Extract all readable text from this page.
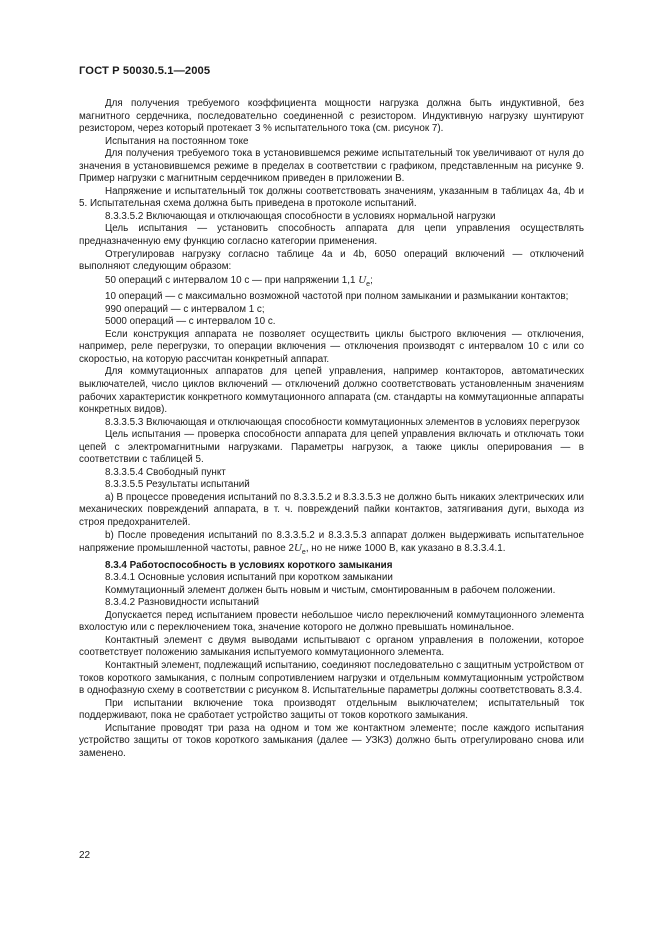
ГОСТ Р 50030.5.1—2005

Для получения требуемого коэффициента мощности нагрузка должна быть индуктивной, без магнитного сердечника, последовательно соединенной с резистором. Индуктивную нагрузку шунтируют резистором, через который протекает 3 % испытательного тока (см. рисунок 7).

Испытания на постоянном токе

Для получения требуемого тока в установившемся режиме испытательный ток увеличивают от нуля до значения в установившемся режиме в пределах в соответствии с графиком, представленным на рисунке 9. Пример нагрузки с магнитным сердечником приведен в приложении В.

Напряжение и испытательный ток должны соответствовать значениям, указанным в таблицах 4а, 4b и 5. Испытательная схема должна быть приведена в протоколе испытаний.

8.3.3.5.2 Включающая и отключающая способности в условиях нормальной нагрузки

Цель испытания — установить способность аппарата для цепи управления осуществлять предназначенную ему функцию согласно категории применения.

Отрегулировав нагрузку согласно таблице 4а и 4b, 6050 операций включений — отключений выполняют следующим образом:

50 операций с интервалом 10 с — при напряжении 1,1 $U_e$;

10 операций — с максимально возможной частотой при полном замыкании и размыкании контактов;

990 операций — с интервалом 1 с;

5000 операций — с интервалом 10 с.

Если конструкция аппарата не позволяет осуществить циклы быстрого включения — отключения, например, реле перегрузки, то операции включения — отключения производят с интервалом 10 с или со скоростью, на которую рассчитан конкретный аппарат.

Для коммутационных аппаратов для цепей управления, например контакторов, автоматических выключателей, число циклов включений — отключений должно соответствовать установленным значениям рабочих характеристик конкретного коммутационного аппарата (см. стандарты на коммутационные аппараты конкретных видов).

8.3.3.5.3 Включающая и отключающая способности коммутационных элементов в условиях перегрузок

Цель испытания — проверка способности аппарата для цепей управления включать и отключать токи цепей с электромагнитными нагрузками. Параметры нагрузок, а также циклы оперирования — в соответствии с таблицей 5.

8.3.3.5.4 Свободный пункт

8.3.3.5.5 Результаты испытаний

а) В процессе проведения испытаний по 8.3.3.5.2 и 8.3.3.5.3 не должно быть никаких электрических или механических повреждений аппарата, в т. ч. повреждений пайки контактов, затягивания дуги, выхода из строя предохранителей.

b) После проведения испытаний по 8.3.3.5.2 и 8.3.3.5.3 аппарат должен выдерживать испытательное напряжение промышленной частоты, равное $2U_e$, но не ниже 1000 В, как указано в 8.3.3.4.1.

8.3.4 Работоспособность в условиях короткого замыкания

8.3.4.1 Основные условия испытаний при коротком замыкании

Коммутационный элемент должен быть новым и чистым, смонтированным в рабочем положении.

8.3.4.2 Разновидности испытаний

Допускается перед испытанием провести небольшое число переключений коммутационного элемента вхолостую или с переключением тока, значение которого не должно превышать номинальное.

Контактный элемент с двумя выводами испытывают с органом управления в положении, которое соответствует положению замыкания испытуемого коммутационного элемента.

Контактный элемент, подлежащий испытанию, соединяют последовательно с защитным устройством от токов короткого замыкания, с полным сопротивлением нагрузки и отдельным коммутационным устройством в однофазную схему в соответствии с рисунком 8. Испытательные параметры должны соответствовать 8.3.4.

При испытании включение тока производят отдельным выключателем; испытательный ток поддерживают, пока не сработает устройство защиты от токов короткого замыкания.

Испытание проводят три раза на одном и том же контактном элементе; после каждого испытания устройство защиты от токов короткого замыкания (далее — УЗКЗ) должно быть отрегулировано снова или заменено.

22
